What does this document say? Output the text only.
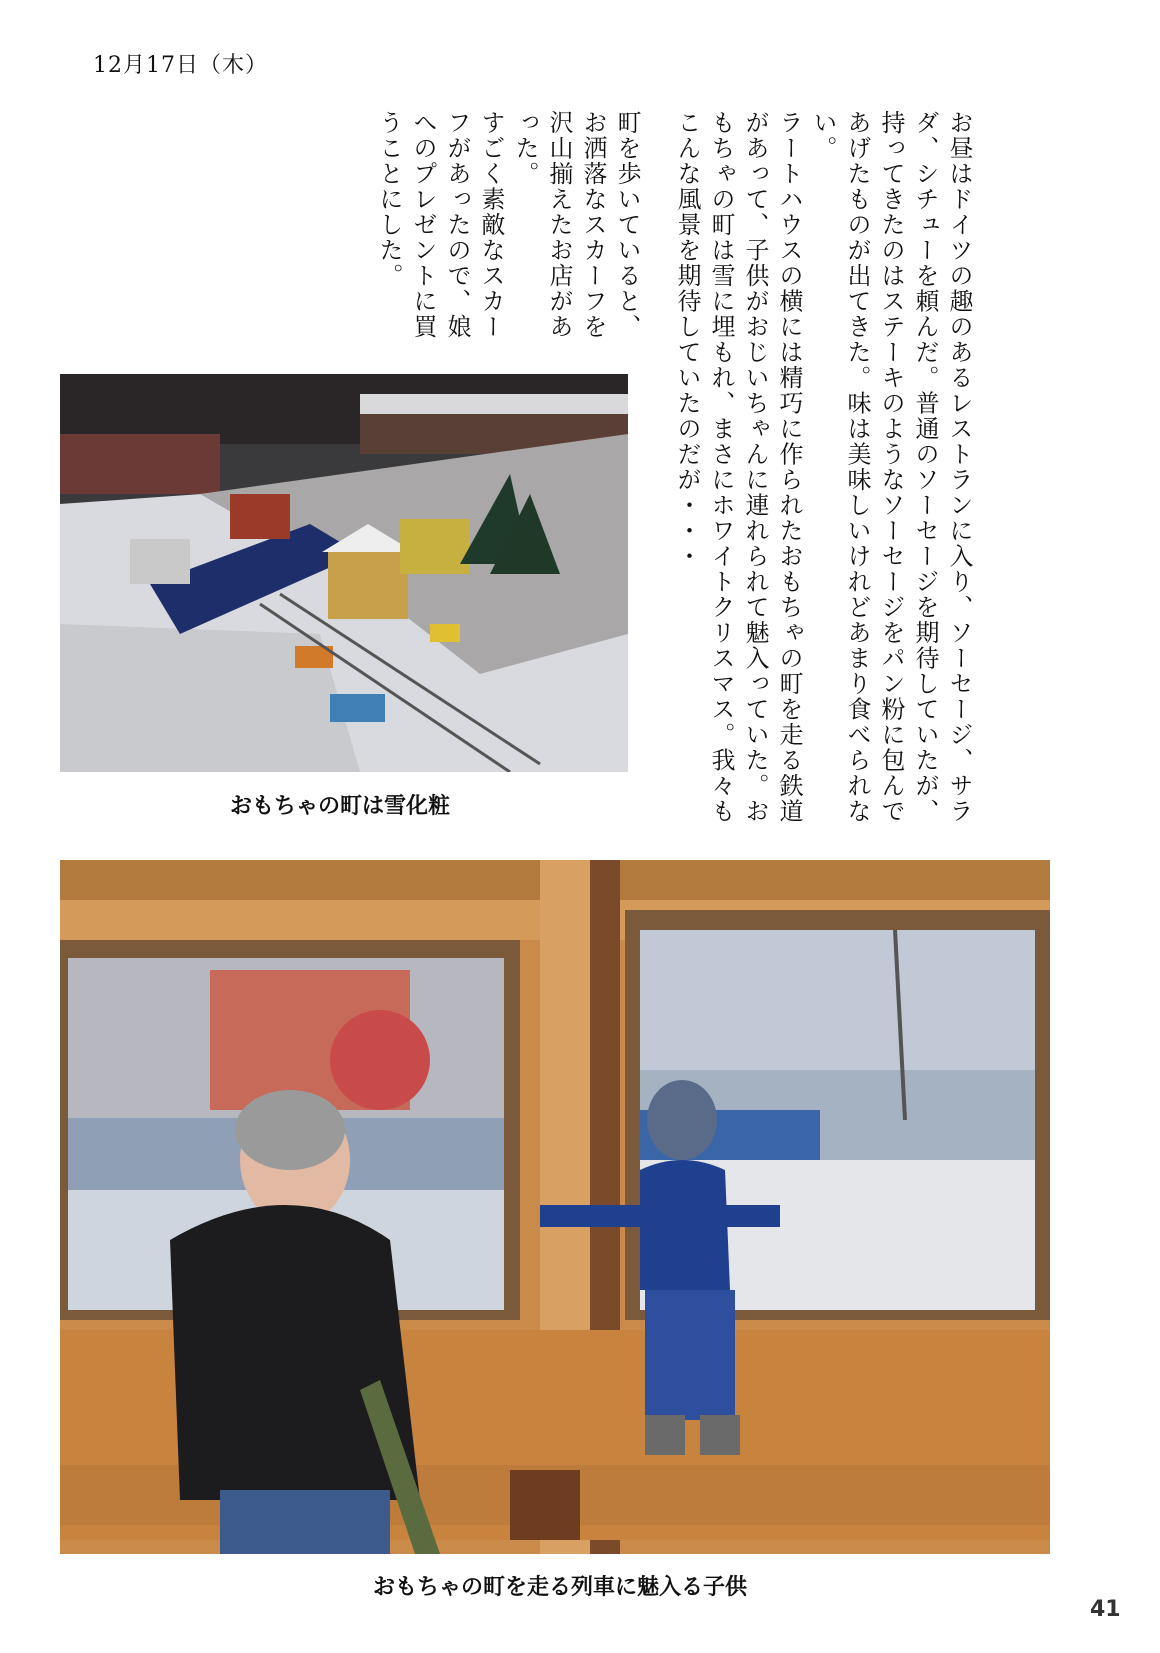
12月17日（木）
お昼はドイツの趣のあるレストランに入り、ソーセージ、サラダ、シチューを頼んだ。普通のソーセージを期待していたが、持ってきたのはステーキのようなソーセージをパン粉に包んであげたものが出てきた。味は美味しいけれどあまり食べられない。
ラートハウスの横には精巧に作られたおもちゃの町を走る鉄道があって、子供がおじいちゃんに連れられて魅入っていた。おもちゃの町は雪に埋もれ、まさにホワイトクリスマス。我々もこんな風景を期待していたのだが・・・
町を歩いていると、お洒落なスカーフを沢山揃えたお店があった。
すごく素敵なスカーフがあったので、娘へのプレゼントに買うことにした。
おもちゃの町は雪化粧
おもちゃの町を走る列車に魅入る子供
41
